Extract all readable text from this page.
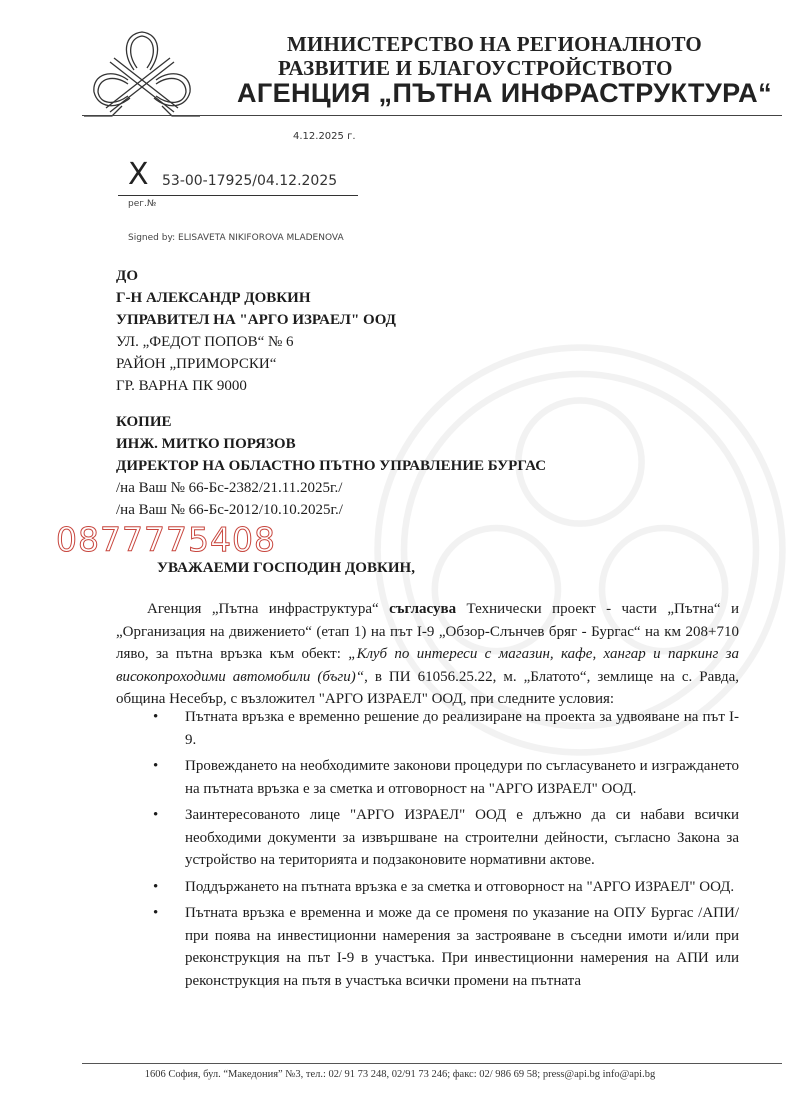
МИНИСТЕРСТВО НА РЕГИОНАЛНОТО
РАЗВИТИЕ И БЛАГОУСТРОЙСТВОТО
АГЕНЦИЯ „ПЪТНА ИНФРАСТРУКТУРА“
4.12.2025 г.
X 53-00-17925/04.12.2025
рег.№
Signed by: ELISAVETA NIKIFOROVA MLADENOVA
ДО
Г-Н АЛЕКСАНДР ДОВКИН
УПРАВИТЕЛ НА "АРГО ИЗРАЕЛ" ООД
УЛ. „ФЕДОТ ПОПОВ“ № 6
РАЙОН „ПРИМОРСКИ“
ГР. ВАРНА ПК 9000
КОПИЕ
ИНЖ. МИТКО ПОРЯЗОВ
ДИРЕКТОР НА ОБЛАСТНО ПЪТНО УПРАВЛЕНИЕ БУРГАС
/на Ваш № 66-Бс-2382/21.11.2025г./
/на Ваш № 66-Бс-2012/10.10.2025г./
0877775408
УВАЖАЕМИ ГОСПОДИН ДОВКИН,
Агенция „Пътна инфраструктура“ съгласува Технически проект - части „Пътна“ и „Организация на движението“ (етап 1) на път I-9 „Обзор-Слънчев бряг - Бургас“ на км 208+710 ляво, за пътна връзка към обект: „Клуб по интереси с магазин, кафе, хангар и паркинг за високопроходими автомобили (бъги)“, в ПИ 61056.25.22, м. „Блатото“, землище на с. Равда, община Несебър, с възложител "АРГО ИЗРАЕЛ" ООД, при следните условия:
• Пътната връзка е временно решение до реализиране на проекта за удвояване на път I-9.
• Провеждането на необходимите законови процедури по съгласуването и изграждането на пътната връзка е за сметка и отговорност на "АРГО ИЗРАЕЛ" ООД.
• Заинтересованото лице "АРГО ИЗРАЕЛ" ООД е длъжно да си набави всички необходими документи за извършване на строителни дейности, съгласно Закона за устройство на територията и подзаконовите нормативни актове.
• Поддържането на пътната връзка е за сметка и отговорност на "АРГО ИЗРАЕЛ" ООД.
• Пътната връзка е временна и може да се променя по указание на ОПУ Бургас /АПИ/ при поява на инвестиционни намерения за застрояване в съседни имоти и/или при реконструкция на път I-9 в участъка. При инвестиционни намерения на АПИ или реконструкция на пътя в участъка всички промени на пътната
1606 София, бул. “Македония” №3, тел.: 02/ 91 73 248, 02/91 73 246; факс: 02/ 986 69 58; press@api.bg info@api.bg
